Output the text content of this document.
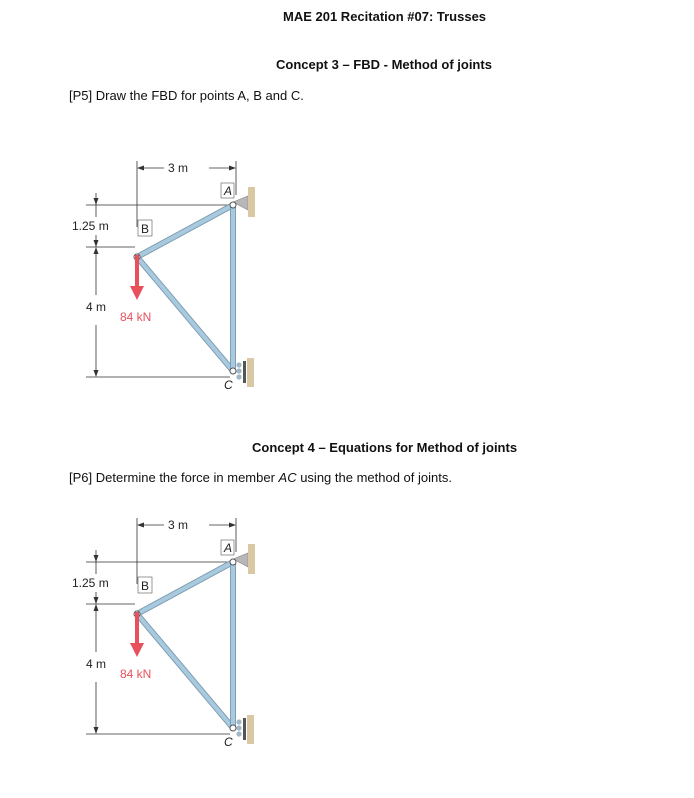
MAE 201 Recitation #07: Trusses
Concept 3 – FBD - Method of joints
[P5] Draw the FBD for points A, B and C.
3 m
1.25 m
4 m
A
B
C
84 kN
Concept 4 – Equations for Method of joints
[P6] Determine the force in member AC using the method of joints.
3 m
1.25 m
4 m
A
B
C
84 kN
